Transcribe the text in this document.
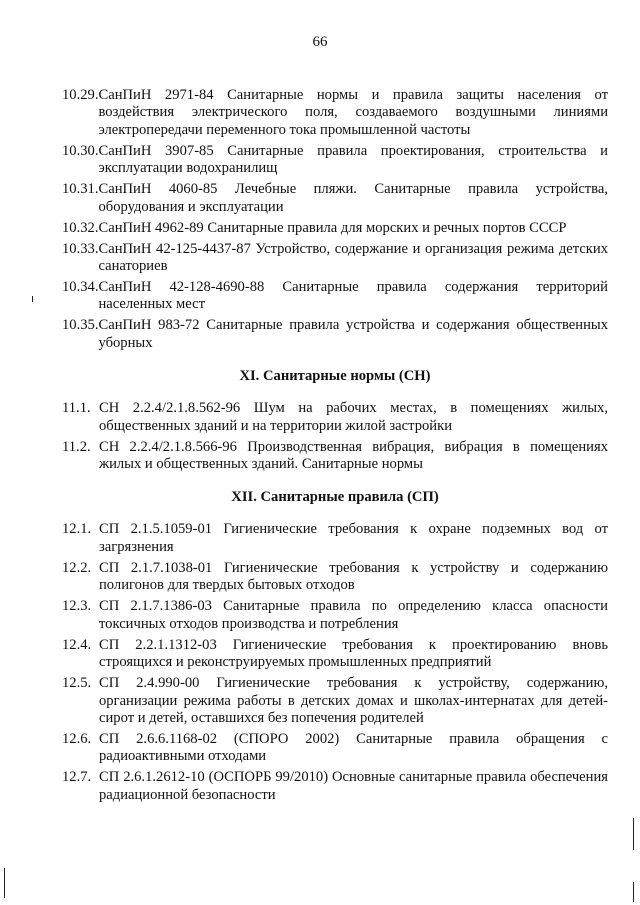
66
10.29. СанПиН 2971-84 Санитарные нормы и правила защиты населения от воздействия электрического поля, создаваемого воздушными линиями электропередачи переменного тока промышленной частоты
10.30. СанПиН 3907-85 Санитарные правила проектирования, строительства и эксплуатации водохранилищ
10.31. СанПиН 4060-85 Лечебные пляжи. Санитарные правила устройства, оборудования и эксплуатации
10.32. СанПиН 4962-89 Санитарные правила для морских и речных портов СССР
10.33. СанПиН 42-125-4437-87 Устройство, содержание и организация режима детских санаториев
10.34. СанПиН 42-128-4690-88 Санитарные правила содержания территорий населенных мест
10.35. СанПиН 983-72 Санитарные правила устройства и содержания общественных уборных
XI. Санитарные нормы (СН)
11.1. СН 2.2.4/2.1.8.562-96 Шум на рабочих местах, в помещениях жилых, общественных зданий и на территории жилой застройки
11.2. СН 2.2.4/2.1.8.566-96 Производственная вибрация, вибрация в помещениях жилых и общественных зданий. Санитарные нормы
XII. Санитарные правила (СП)
12.1. СП 2.1.5.1059-01 Гигиенические требования к охране подземных вод от загрязнения
12.2. СП 2.1.7.1038-01 Гигиенические требования к устройству и содержанию полигонов для твердых бытовых отходов
12.3. СП 2.1.7.1386-03 Санитарные правила по определению класса опасности токсичных отходов производства и потребления
12.4. СП 2.2.1.1312-03 Гигиенические требования к проектированию вновь строящихся и реконструируемых промышленных предприятий
12.5. СП 2.4.990-00 Гигиенические требования к устройству, содержанию, организации режима работы в детских домах и школах-интернатах для детей-сирот и детей, оставшихся без попечения родителей
12.6. СП 2.6.6.1168-02 (СПОРО 2002) Санитарные правила обращения с радиоактивными отходами
12.7. СП 2.6.1.2612-10 (ОСПОРБ 99/2010) Основные санитарные правила обеспечения радиационной безопасности
